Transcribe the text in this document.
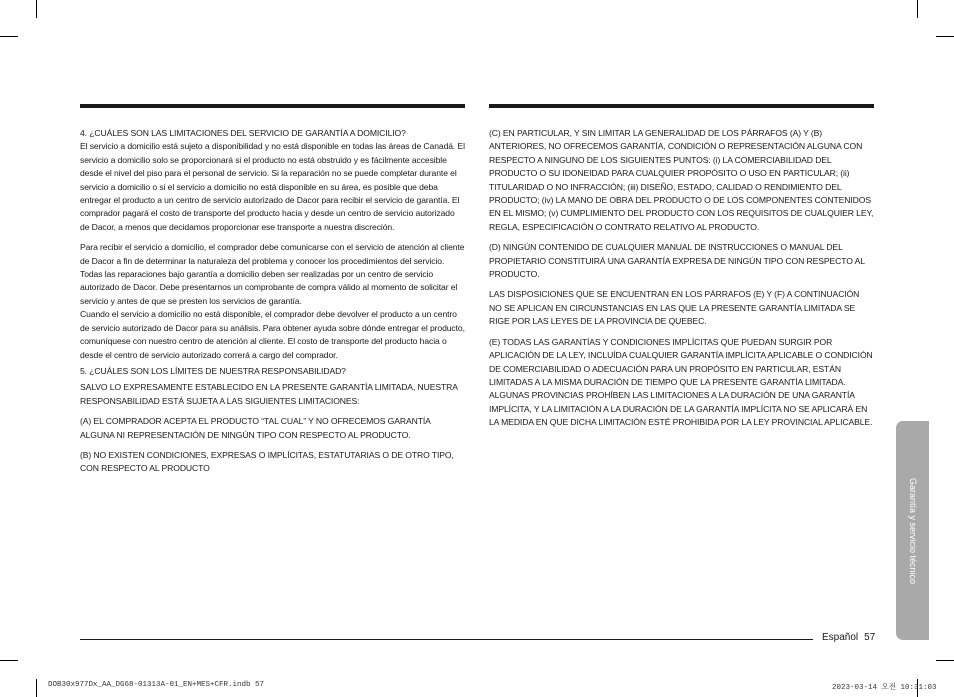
4. ¿CUÁLES SON LAS LIMITACIONES DEL SERVICIO DE GARANTÍA A DOMICILIO?

El servicio a domicilio está sujeto a disponibilidad y no está disponible en todas las áreas de Canadá. El servicio a domicilio solo se proporcionará si el producto no está obstruido y es fácilmente accesible desde el nivel del piso para el personal de servicio. Si la reparación no se puede completar durante el servicio a domicilio o si el servicio a domicilio no está disponible en su área, es posible que deba entregar el producto a un centro de servicio autorizado de Dacor para recibir el servicio de garantía. El comprador pagará el costo de transporte del producto hacia y desde un centro de servicio autorizado de Dacor, a menos que decidamos proporcionar ese transporte a nuestra discreción.

Para recibir el servicio a domicilio, el comprador debe comunicarse con el servicio de atención al cliente de Dacor a fin de determinar la naturaleza del problema y conocer los procedimientos del servicio. Todas las reparaciones bajo garantía a domicilio deben ser realizadas por un centro de servicio autorizado de Dacor. Debe presentarnos un comprobante de compra válido al momento de solicitar el servicio y antes de que se presten los servicios de garantía.

Cuando el servicio a domicilio no está disponible, el comprador debe devolver el producto a un centro de servicio autorizado de Dacor para su análisis. Para obtener ayuda sobre dónde entregar el producto, comuníquese con nuestro centro de atención al cliente. El costo de transporte del producto hacia o desde el centro de servicio autorizado correrá a cargo del comprador.

5. ¿CUÁLES SON LOS LÍMITES DE NUESTRA RESPONSABILIDAD?

SALVO LO EXPRESAMENTE ESTABLECIDO EN LA PRESENTE GARANTÍA LIMITADA, NUESTRA RESPONSABILIDAD ESTÁ SUJETA A LAS SIGUIENTES LIMITACIONES:

(A) EL COMPRADOR ACEPTA EL PRODUCTO “TAL CUAL” Y NO OFRECEMOS GARANTÍA ALGUNA NI REPRESENTACIÓN DE NINGÚN TIPO CON RESPECTO AL PRODUCTO.

(B) NO EXISTEN CONDICIONES, EXPRESAS O IMPLÍCITAS, ESTATUTARIAS O DE OTRO TIPO, CON RESPECTO AL PRODUCTO

(C) EN PARTICULAR, Y SIN LIMITAR LA GENERALIDAD DE LOS PÁRRAFOS (A) Y (B) ANTERIORES, NO OFRECEMOS GARANTÍA, CONDICIÓN O REPRESENTACIÓN ALGUNA CON RESPECTO A NINGUNO DE LOS SIGUIENTES PUNTOS: (i) LA COMERCIABILIDAD DEL PRODUCTO O SU IDONEIDAD PARA CUALQUIER PROPÓSITO O USO EN PARTICULAR; (ii) TITULARIDAD O NO INFRACCIÓN; (iii) DISEÑO, ESTADO, CALIDAD O RENDIMIENTO DEL PRODUCTO; (iv) LA MANO DE OBRA DEL PRODUCTO O DE LOS COMPONENTES CONTENIDOS EN EL MISMO; (v) CUMPLIMIENTO DEL PRODUCTO CON LOS REQUISITOS DE CUALQUIER LEY, REGLA, ESPECIFICACIÓN O CONTRATO RELATIVO AL PRODUCTO.

(D) NINGÚN CONTENIDO DE CUALQUIER MANUAL DE INSTRUCCIONES O MANUAL DEL PROPIETARIO CONSTITUIRÁ UNA GARANTÍA EXPRESA DE NINGÚN TIPO CON RESPECTO AL PRODUCTO.

LAS DISPOSICIONES QUE SE ENCUENTRAN EN LOS PÁRRAFOS (E) Y (F) A CONTINUACIÓN NO SE APLICAN EN CIRCUNSTANCIAS EN LAS QUE LA PRESENTE GARANTÍA LIMITADA SE RIGE POR LAS LEYES DE LA PROVINCIA DE QUEBEC.

(E) TODAS LAS GARANTÍAS Y CONDICIONES IMPLÍCITAS QUE PUEDAN SURGIR POR APLICACIÓN DE LA LEY, INCLUÍDA CUALQUIER GARANTÍA IMPLÍCITA APLICABLE O CONDICIÓN DE COMERCIABILIDAD O ADECUACIÓN PARA UN PROPÓSITO EN PARTICULAR, ESTÁN LIMITADAS A LA MISMA DURACIÓN DE TIEMPO QUE LA PRESENTE GARANTÍA LIMITADA. ALGUNAS PROVINCIAS PROHÍBEN LAS LIMITACIONES A LA DURACIÓN DE UNA GARANTÍA IMPLÍCITA, Y LA LIMITACIÓN A LA DURACIÓN DE LA GARANTÍA IMPLÍCITA NO SE APLICARÁ EN LA MEDIDA EN QUE DICHA LIMITACIÓN ESTÉ PROHIBIDA POR LA LEY PROVINCIAL APLICABLE.

Garantía y servicio técnico
Español 57
DOB30x977Dx_AA_DG68-01313A-01_EN+MES+CFR.indb 57	2023-03-14 오전 10:31:03
